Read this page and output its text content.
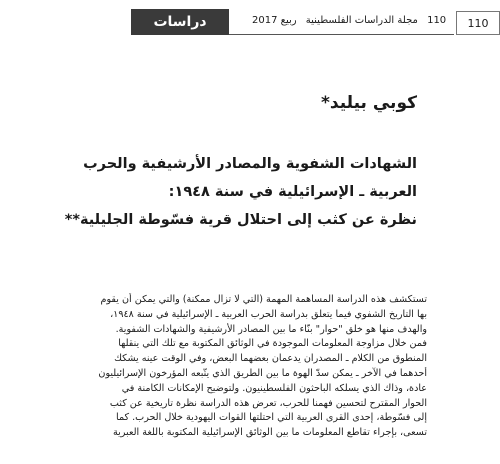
دراسات	110 مجلة الدراسات الفلسطينية ربيع 2017	110
كوبي بيليد*
الشهادات الشفوية والمصادر الأرشيفية والحرب
العربية ـ الإسرائيلية في سنة ١٩٤٨:
نظرة عن كثب إلى احتلال قرية فسّوطة الجليلية**
تستكشف هذه الدراسة المساهمة المهمة (التي لا تزال ممكنة) والتي يمكن أن يقوم
بها التاريخ الشفوي فيما يتعلق بدراسة الحرب العربية ـ الإسرائيلية في سنة ١٩٤٨،
والهدف منها هو خلق "حوار" بنّاء ما بين المصادر الأرشيفية والشهادات الشفوية.
فمن خلال مزاوجة المعلومات الموجودة في الوثائق المكتوبة مع تلك التي ينقلها
المنطوق من الكلام ـ المصدران يدعمان بعضهما البعض، وفي الوقت عينه يشكك
أحدهما في الآخر ـ يمكن سدّ الهوة ما بين الطريق الذي يتّبعه المؤرخون الإسرائيليون
عادة، وذاك الذي يسلكه الباحثون الفلسطينيون. ولتوضيح الإمكانات الكامنة في
الحوار المقترح لتحسين فهمنا للحرب، تعرض هذه الدراسة نظرة تاريخية عن كثب
إلى فسّوطة، إحدى القرى العربية التي احتلتها القوات اليهودية خلال الحرب. كما
تسعى، بإجراء تقاطع المعلومات ما بين الوثائق الإسرائيلية المكتوبة باللغة العبرية
